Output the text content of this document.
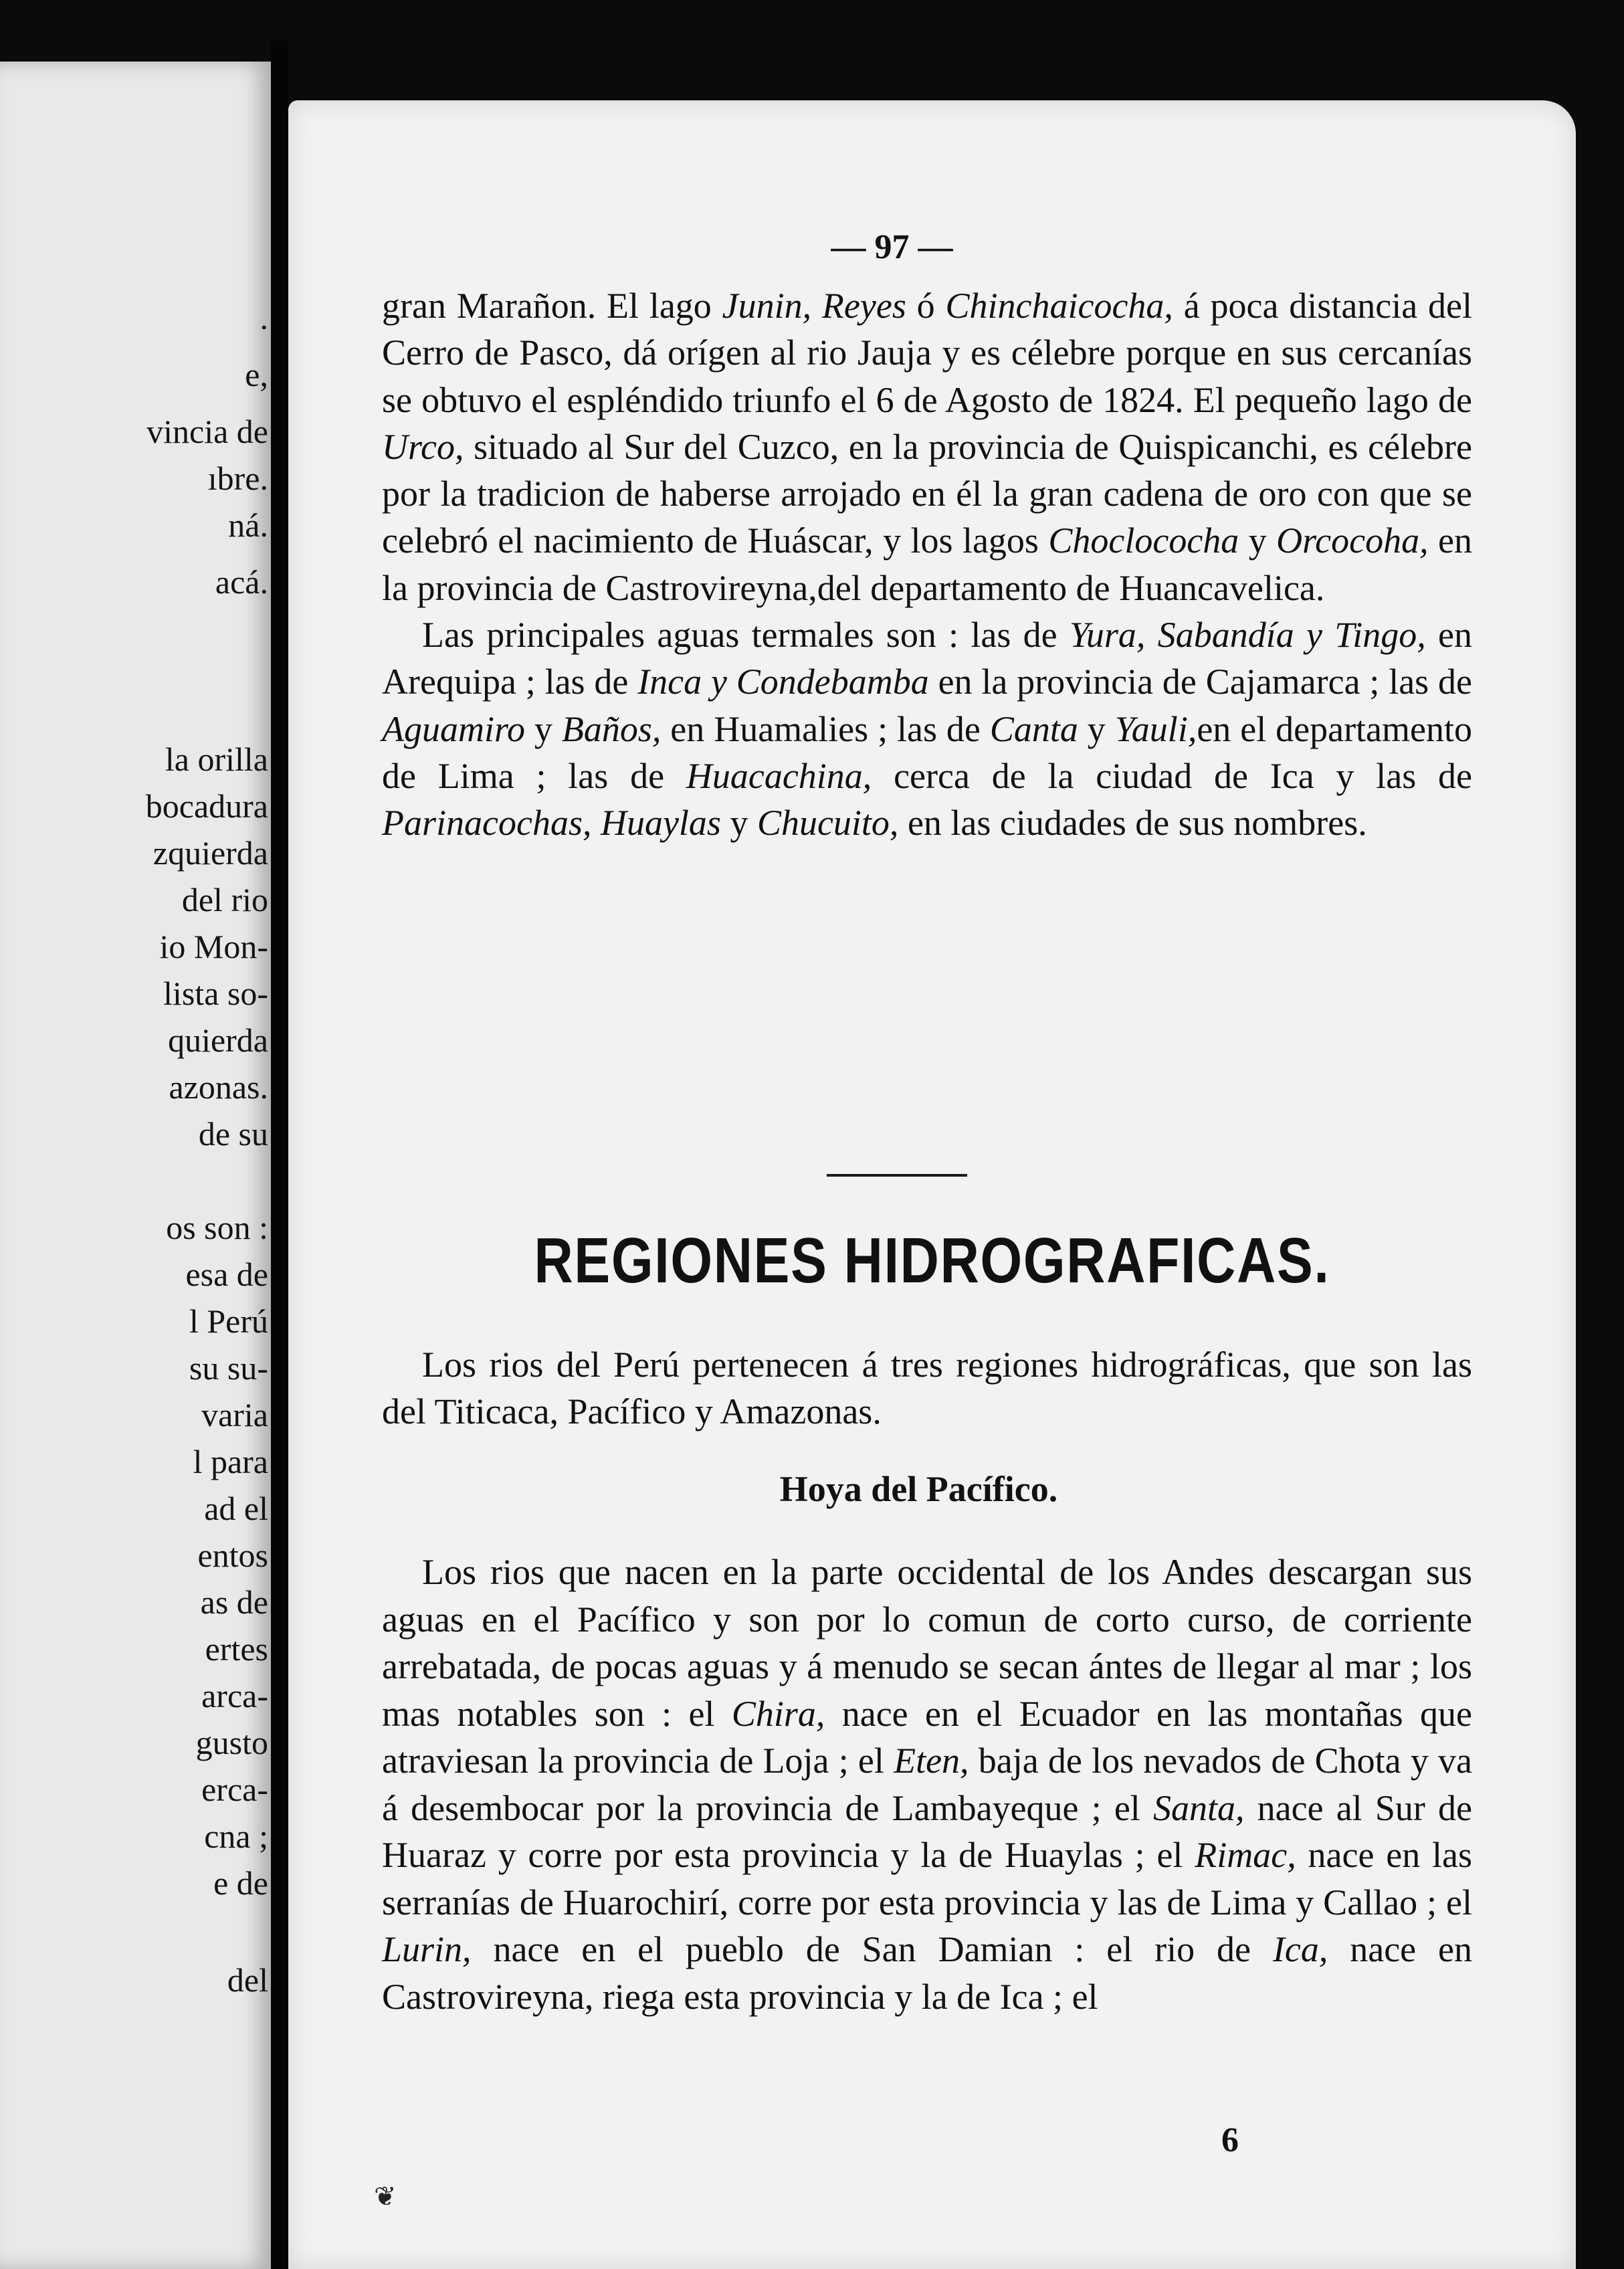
.
e,
vincia de
ıbre.
ná.
acá.
la orilla
bocadura
zquierda
del rio
io Mon-
lista so-
quierda
azonas.
de su
os son :
esa de
l Perú
su su-
varia
l para
ad el
entos
as de
ertes
arca-
gusto
erca-
cna ;
e de
del
— 97 —

gran Marañon. El lago Junin, Reyes ó Chinchaicocha, á poca distancia del Cerro de Pasco, dá orígen al rio Jauja y es célebre porque en sus cercanías se obtuvo el espléndido triunfo el 6 de Agosto de 1824. El pequeño lago de Urco, situado al Sur del Cuzco, en la provincia de Quispicanchi, es célebre por la tradicion de haberse arrojado en él la gran cadena de oro con que se celebró el nacimiento de Huáscar, y los lagos Choclococha y Orcocoha, en la provincia de Castrovireyna,del departamento de Huancavelica.

Las principales aguas termales son : las de Yura, Sabandía y Tingo, en Arequipa ; las de Inca y Condebamba en la provincia de Cajamarca ; las de Aguamiro y Baños, en Huamalies ; las de Canta y Yauli,en el departamento de Lima ; las de Huacachina, cerca de la ciudad de Ica y las de Parinacochas, Huaylas y Chucuito, en las ciudades de sus nombres.

REGIONES HIDROGRAFICAS.

Los rios del Perú pertenecen á tres regiones hidrográficas, que son las del Titicaca, Pacífico y Amazonas.

Hoya del Pacífico.

Los rios que nacen en la parte occidental de los Andes descargan sus aguas en el Pacífico y son por lo comun de corto curso, de corriente arrebatada, de pocas aguas y á menudo se secan ántes de llegar al mar ; los mas notables son : el Chira, nace en el Ecuador en las montañas que atraviesan la provincia de Loja ; el Eten, baja de los nevados de Chota y va á desembocar por la provincia de Lambayeque ; el Santa, nace al Sur de Huaraz y corre por esta provincia y la de Huaylas ; el Rimac, nace en las serranías de Huarochirí, corre por esta provincia y las de Lima y Callao ; el Lurin, nace en el pueblo de San Damian : el rio de Ica, nace en Castrovireyna, riega esta provincia y la de Ica ; el

6
❦
